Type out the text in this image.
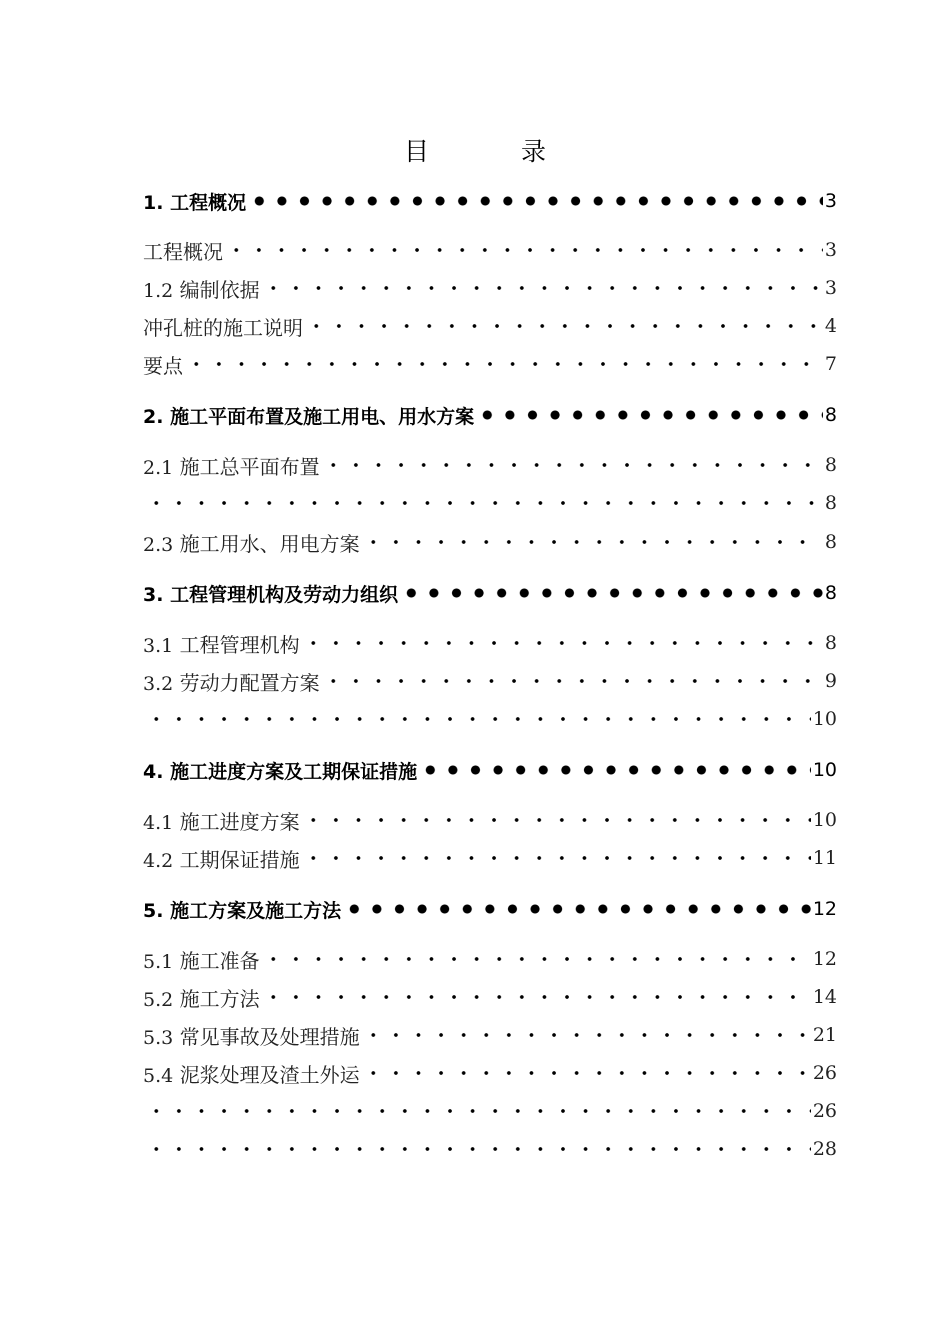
目 录
1. 工程概况	3
工程概况	3
1.2 编制依据	3
冲孔桩的施工说明	4
要点	7
2. 施工平面布置及施工用电、用水方案	8
2.1 施工总平面布置	8
8
2.3 施工用水、用电方案	8
3. 工程管理机构及劳动力组织	8
3.1 工程管理机构	8
3.2 劳动力配置方案	9
10
4. 施工进度方案及工期保证措施	10
4.1 施工进度方案	10
4.2 工期保证措施	11
5. 施工方案及施工方法	12
5.1 施工准备	12
5.2 施工方法	14
5.3 常见事故及处理措施	21
5.4 泥浆处理及渣土外运	26
26
28
